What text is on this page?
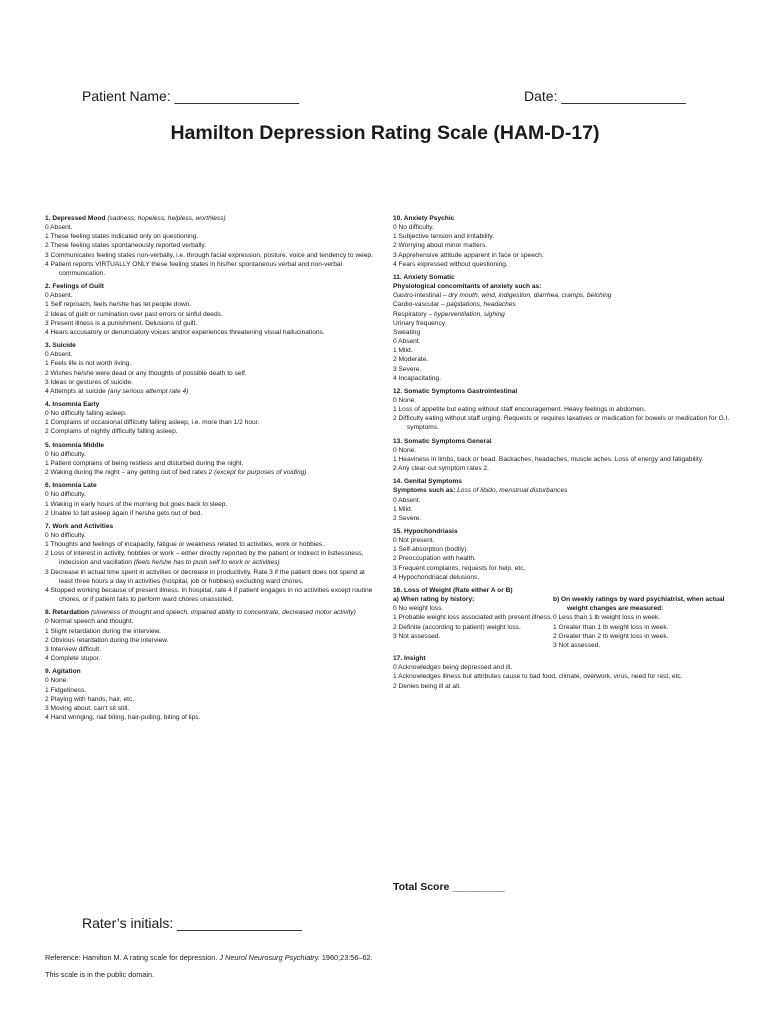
Patient Name: ________________	Date: ________________
Hamilton Depression Rating Scale (HAM-D-17)
1. Depressed Mood (sadness, hopeless, helpless, worthless)
0 Absent.
1 These feeling states indicated only on questioning.
2 These feeling states spontaneously reported verbally.
3 Communicates feeling states non-verbally, i.e. through facial expression, posture, voice and tendency to weep.
4 Patient reports VIRTUALLY ONLY these feeling states in his/her spontaneous verbal and non-verbal communication.
2. Feelings of Guilt
0 Absent.
1 Self reproach, feels he/she has let people down.
2 Ideas of guilt or rumination over past errors or sinful deeds.
3 Present illness is a punishment. Delusions of guilt.
4 Hears accusatory or denunciatory voices and/or experiences threatening visual hallucinations.
3. Suicide
0 Absent.
1 Feels life is not worth living.
2 Wishes he/she were dead or any thoughts of possible death to self.
3 Ideas or gestures of suicide.
4 Attempts at suicide (any serious attempt rate 4)
4. Insomnia Early
0 No difficulty falling asleep.
1 Complains of occasional difficulty falling asleep, i.e. more than 1/2 hour.
2 Complains of nightly difficulty falling asleep.
5. Insomnia Middle
0 No difficulty.
1 Patient complains of being restless and disturbed during the night.
2 Waking during the night – any getting out of bed rates 2 (except for purposes of voiding)
6. Insomnia Late
0 No difficulty.
1 Waking in early hours of the morning but goes back to sleep.
2 Unable to fall asleep again if he/she gets out of bed.
7. Work and Activities
0 No difficulty.
1 Thoughts and feelings of incapacity, fatigue or weakness related to activities, work or hobbies.
2 Loss of interest in activity, hobbies or work – either directly reported by the patient or indirect in listlessness, indecision and vacillation (feels he/she has to push self to work or activities)
3 Decrease in actual time spent in activities or decrease in productivity. Rate 3 if the patient does not spend at least three hours a day in activities (hospital, job or hobbies) excluding ward chores.
4 Stopped working because of present illness. In hospital, rate 4 if patient engages in no activities except routine chores, or if patient fails to perform ward chores unassisted.
8. Retardation (slowness of thought and speech, impaired ability to concentrate, decreased motor activity)
0 Normal speech and thought.
1 Slight retardation during the interview.
2 Obvious retardation during the interview.
3 Interview difficult.
4 Complete stupor.
9. Agitation
0 None.
1 Fidgetiness.
2 Playing with hands, hair, etc.
3 Moving about, can't sit still.
4 Hand wringing, nail biting, hair-pulling, biting of lips.
10. Anxiety Psychic
0 No difficulty.
1 Subjective tension and irritability.
2 Worrying about minor matters.
3 Apprehensive attitude apparent in face or speech.
4 Fears expressed without questioning.
11. Anxiety Somatic
Physiological concomitants of anxiety such as:
Gastro-intestinal – dry mouth, wind, indigestion, diarrhea, cramps, belching
Cardio-vascular – palpitations, headaches
Respiratory – hyperventilation, sighing
Urinary frequency
Sweating
0 Absent.
1 Mild.
2 Moderate.
3 Severe.
4 Incapacitating.
12. Somatic Symptoms Gastrointestinal
0 None.
1 Loss of appetite but eating without staff encouragement. Heavy feelings in abdomen.
2 Difficulty eating without staff urging. Requests or requires laxatives or medication for bowels or medication for G.I. symptoms.
13. Somatic Symptoms General
0 None.
1 Heaviness in limbs, back or head. Backaches, headaches, muscle aches. Loss of energy and fatigability.
2 Any clear-cut symptom rates 2.
14. Genital Symptoms
Symptoms such as: Loss of libido, menstrual disturbances
0 Absent.
1 Mild.
2 Severe.
15. Hypochondriasis
0 Not present.
1 Self-absorption (bodily).
2 Preoccupation with health.
3 Frequent complaints, requests for help, etc.
4 Hypochondriacal delusions.
16. Loss of Weight (Rate either A or B)
a) When rating by history:
0 No weight loss.
1 Probable weight loss associated with present illness.
2 Definite (according to patient) weight loss.
3 Not assessed.
b) On weekly ratings by ward psychiatrist, when actual weight changes are measured:
0 Less than 1 lb weight loss in week.
1 Greater than 1 lb weight loss in week.
2 Greater than 2 lb weight loss in week.
3 Not assessed.
17. Insight
0 Acknowledges being depressed and ill.
1 Acknowledges illness but attributes cause to bad food, climate, overwork, virus, need for rest, etc.
2 Denies being ill at all.
Total Score _________
Rater’s initials: ________________
Reference: Hamilton M. A rating scale for depression. J Neurol Neurosurg Psychiatry. 1960;23:56–62.
This scale is in the public domain.
